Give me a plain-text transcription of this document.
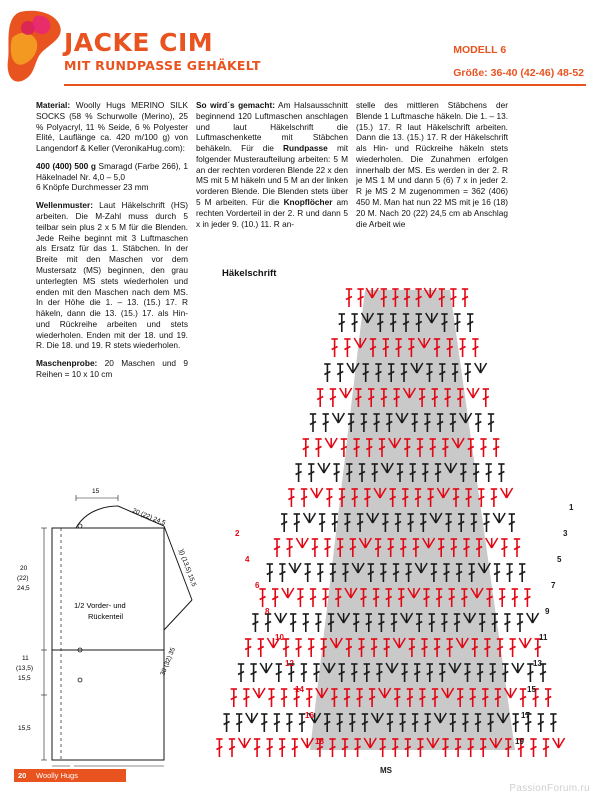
JACKE CIM
MIT RUNDPASSE GEHÄKELT
MODELL 6
Größe: 36-40 (42-46) 48-52

Material: Woolly Hugs MERINO SILK SOCKS (58 % Schurwolle (Merino), 25 % Polyacryl, 11 % Seide, 6 % Polyester Elité, Lauflänge ca. 420 m/100 g) von Langendorf & Keller (VeronikaHug.com):

400 (400) 500 g Smaragd (Farbe 266), 1 Häkelnadel Nr. 4,0 – 5,0
6 Knöpfe Durchmesser 23 mm

Wellenmuster: Laut Häkelschrift (HS) arbeiten. Die M-Zahl muss durch 5 teilbar sein plus 2 x 5 M für die Blenden. Jede Reihe beginnt mit 3 Luftmaschen als Ersatz für das 1. Stäbchen. In der Breite mit den Maschen vor dem Mustersatz (MS) beginnen, den grau unterlegten MS stets wiederholen und enden mit den Maschen nach dem MS. In der Höhe die 1. – 13. (15.) 17. R häkeln, dann die 13. (15.) 17. als Hin- und Rückreihe arbeiten und stets wiederholen. Enden mit der 18. und 19. R. Die 18. und 19. R stets wiederholen.

Maschenprobe: 20 Maschen und 9 Reihen = 10 x 10 cm

So wird´s gemacht: Am Halsausschnitt beginnend 120 Luftmaschen anschlagen und laut Häkelschrift die Luftmaschenkette mit Stäbchen behäkeln. Für die Rundpasse mit folgender Musteraufteilung arbeiten: 5 M an der rechten vorderen Blende 22 x den MS mit 5 M häkeln und 5 M an der linken vorderen Blende. Die Blenden stets über 5 M arbeiten. Für die Knopflöcher am rechten Vorderteil in der 2. R und dann 5 x in jeder 9. (10.) 11. R an-

stelle des mittleren Stäbchens der Blende 1 Luftmasche häkeln. Die 1. – 13. (15.) 17. R laut Häkelschrift arbeiten. Dann die 13. (15.) 17. R der Häkelschrift als Hin- und Rückreihe häkeln stets wiederholen. Die Zunahmen erfolgen innerhalb der MS. Es werden in der 2. R je MS 1 M und dann 5 (6) 7 x in jeder 2. R je MS 2 M zugenommen = 362 (406) 450 M. Man hat nun 22 MS mit je 16 (18) 20 M. Nach 20 (22) 24,5 cm ab Anschlag die Arbeit wie

Häkelschrift
18
16
14
12
10
8
6
4
2
19
17
15
13
11
9
7
5
3
1
MS
15
20 (22) 24,5
)|) (13,5) 15,5
30 (32) 35
20
(22)
24,5
11
(13,5)
15,5
15,5
1/2 Vorder- und
Rückenteil
20 Woolly Hugs
PassionForum.ru
